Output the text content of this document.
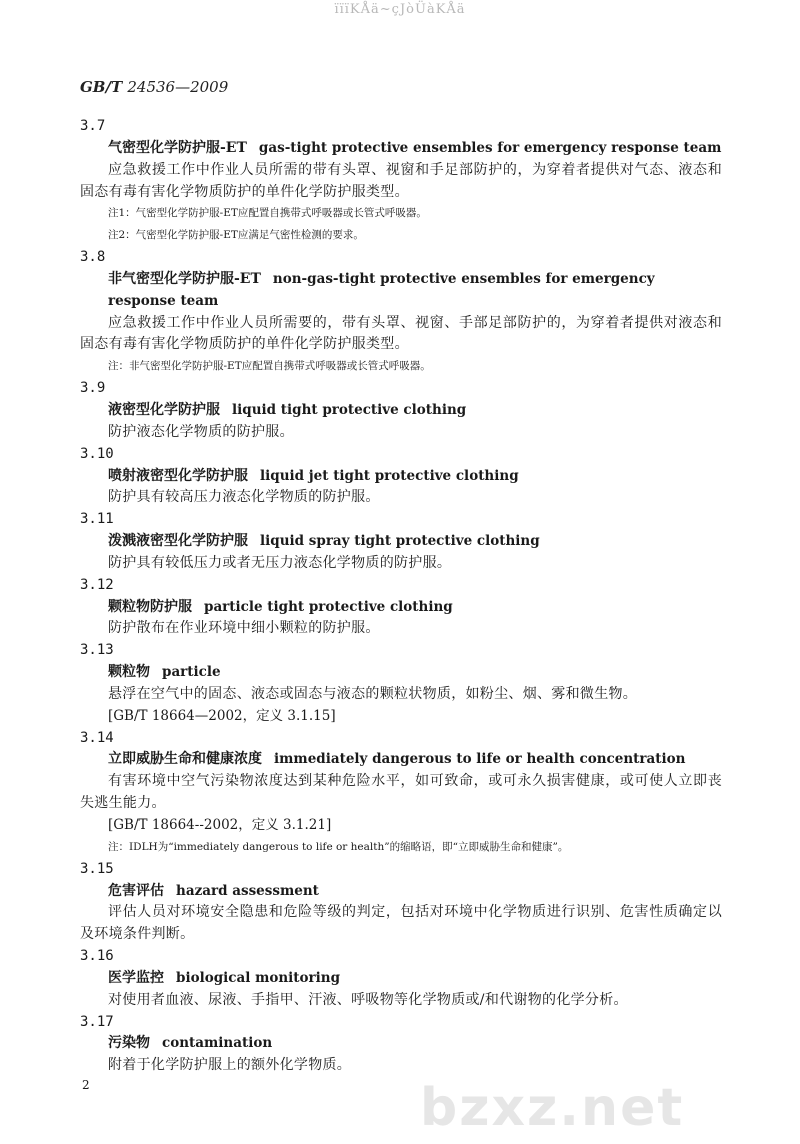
ïïïKÅä~çJòÜàKÅä
bzxz.net
GB/T 24536—2009
3.7
气密型化学防护服-ET gas-tight protective ensembles for emergency response team
应急救援工作中作业人员所需的带有头罩、视窗和手足部防护的，为穿着者提供对气态、液态和固态有毒有害化学物质防护的单件化学防护服类型。
注1：气密型化学防护服-ET应配置自携带式呼吸器或长管式呼吸器。
注2：气密型化学防护服-ET应满足气密性检测的要求。
3.8
非气密型化学防护服-ET non-gas-tight protective ensembles for emergency response team
应急救援工作中作业人员所需要的，带有头罩、视窗、手部足部防护的，为穿着者提供对液态和固态有毒有害化学物质防护的单件化学防护服类型。
注：非气密型化学防护服-ET应配置自携带式呼吸器或长管式呼吸器。
3.9
液密型化学防护服 liquid tight protective clothing
防护液态化学物质的防护服。
3.10
喷射液密型化学防护服 liquid jet tight protective clothing
防护具有较高压力液态化学物质的防护服。
3.11
泼溅液密型化学防护服 liquid spray tight protective clothing
防护具有较低压力或者无压力液态化学物质的防护服。
3.12
颗粒物防护服 particle tight protective clothing
防护散布在作业环境中细小颗粒的防护服。
3.13
颗粒物 particle
悬浮在空气中的固态、液态或固态与液态的颗粒状物质，如粉尘、烟、雾和微生物。
[GB/T 18664—2002，定义 3.1.15]
3.14
立即威胁生命和健康浓度 immediately dangerous to life or health concentration
有害环境中空气污染物浓度达到某种危险水平，如可致命，或可永久损害健康，或可使人立即丧失逃生能力。
[GB/T 18664--2002，定义 3.1.21]
注：IDLH为“immediately dangerous to life or health”的缩略语，即“立即威胁生命和健康”。
3.15
危害评估 hazard assessment
评估人员对环境安全隐患和危险等级的判定，包括对环境中化学物质进行识别、危害性质确定以及环境条件判断。
3.16
医学监控 biological monitoring
对使用者血液、尿液、手指甲、汗液、呼吸物等化学物质或/和代谢物的化学分析。
3.17
污染物 contamination
附着于化学防护服上的额外化学物质。
2
